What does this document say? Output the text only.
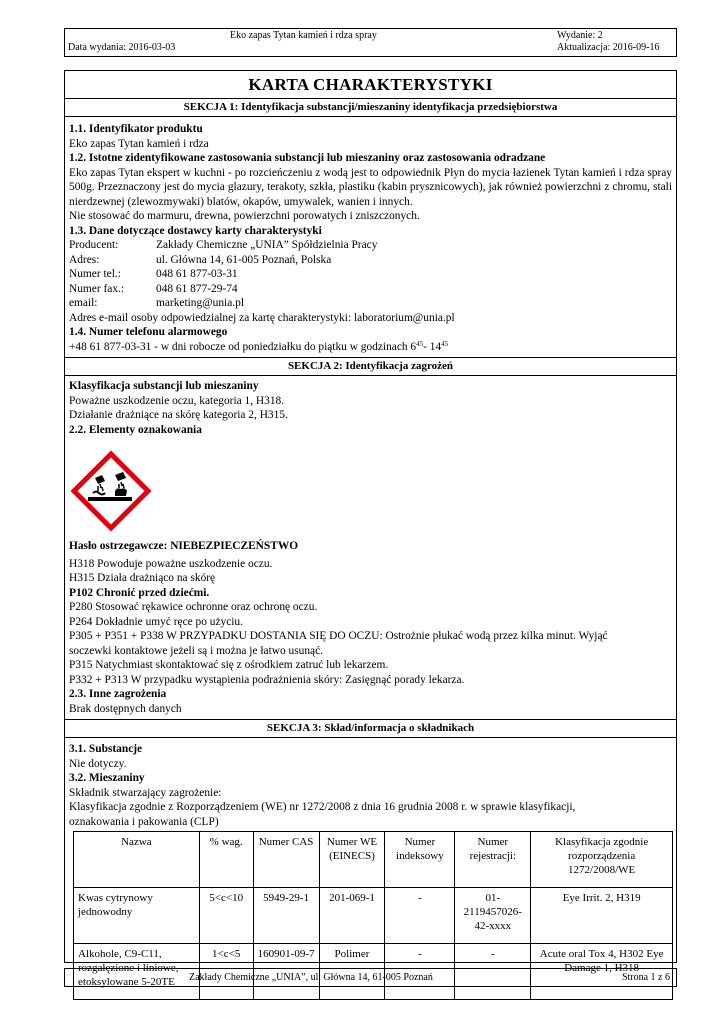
Eko zapas Tytan kamień i rdza spray	Wydanie: 2
Data wydania: 2016-03-03	Aktualizacja: 2016-09-16
KARTA CHARAKTERYSTYKI
SEKCJA 1: Identyfikacja substancji/mieszaniny identyfikacja przedsiębiorstwa
1.1. Identyfikator produktu
Eko zapas Tytan kamień i rdza
1.2. Istotne zidentyfikowane zastosowania substancji lub mieszaniny oraz zastosowania odradzane
Eko zapas Tytan ekspert w kuchni - po rozcieńczeniu z wodą jest to odpowiednik Płyn do mycia łazienek Tytan kamień i rdza spray 500g. Przeznaczony jest do mycia glazury, terakoty, szkła, plastiku (kabin prysznicowych), jak również powierzchni z chromu, stali nierdzewnej (zlewozmywaki) blatów, okapów, umywalek, wanien i innych.
Nie stosować do marmuru, drewna, powierzchni porowatych i zniszczonych.
1.3. Dane dotyczące dostawcy karty charakterystyki
Producent:	Zakłady Chemiczne „UNIA” Spółdzielnia Pracy
Adres:	ul. Główna 14, 61-005 Poznań, Polska
Numer tel.:	048 61 877-03-31
Numer fax.:	048 61 877-29-74
email:	marketing@unia.pl
Adres e-mail osoby odpowiedzialnej za kartę charakterystyki: laboratorium@unia.pl
1.4. Numer telefonu alarmowego
+48 61 877-03-31 - w dni robocze od poniedziałku do piątku w godzinach $6^{45}-$ $14^{45}$
SEKCJA 2: Identyfikacja zagrożeń
Klasyfikacja substancji lub mieszaniny
Poważne uszkodzenie oczu, kategoria 1, H318.
Działanie drażniące na skórę kategoria 2, H315.
2.2. Elementy oznakowania
Hasło ostrzegawcze: NIEBEZPIECZEŃSTWO
H318 Powoduje poważne uszkodzenie oczu.
H315 Działa drażniąco na skórę
P102 Chronić przed dziećmi.
P280 Stosować rękawice ochronne oraz ochronę oczu.
P264 Dokładnie umyć ręce po użyciu.
P305 + P351 + P338 W PRZYPADKU DOSTANIA SIĘ DO OCZU: Ostrożnie płukać wodą przez kilka minut. Wyjąć
soczewki kontaktowe jeżeli są i można je łatwo usunąć.
P315 Natychmiast skontaktować się z ośrodkiem zatruć lub lekarzem.
P332 + P313 W przypadku wystąpienia podrażnienia skóry: Zasięgnąć porady lekarza.
2.3. Inne zagrożenia
Brak dostępnych danych
SEKCJA 3: Skład/informacja o składnikach
3.1. Substancje
Nie dotyczy.
3.2. Mieszaniny
Składnik stwarzający zagrożenie:
Klasyfikacja zgodnie z Rozporządzeniem (WE) nr 1272/2008 z dnia 16 grudnia 2008 r. w sprawie klasyfikacji,
oznakowania i pakowania (CLP)
Nazwa	% wag.	Numer CAS	Numer WE (EINECS)	Numer indeksowy	Numer rejestracji:	Klasyfikacja zgodnie rozporządzenia 1272/2008/WE
Kwas cytrynowy jednowodny	5<c<10	5949-29-1	201-069-1	-	01-2119457026-42-xxxx	Eye Irrit. 2, H319
Alkohole, C9-C11, rozgałęzione i liniowe, etoksylowane 5-20TE	1<c<5	160901-09-7	Polimer	-	-	Acute oral Tox 4, H302 Eye Damage 1, H318
Zakłady Chemiczne „UNIA”, ul. Główna 14, 61-005 Poznań	Strona 1 z 6
